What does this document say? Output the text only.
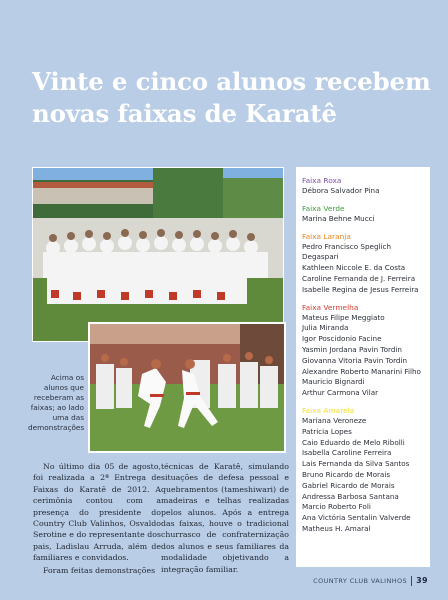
Vinte e cinco alunos recebem novas faixas de Karatê
Acima os alunos que receberam as faixas; ao lado uma das demonstrações

No último dia 05 de agosto, foi realizada a 2ª Entrega de Faixas do Karatê de 2012. A cerimônia contou com a presença do presidente do Country Club Valinhos, Osvaldo Serotine e do representante dos pais, Ladislau Arruda, além de familiares e convidados.

Foram feitas demonstrações

técnicas de Karatê, simulando situações de defesa pessoal e quebramentos (tameshiwari) de madeiras e telhas realizadas pelos alunos. Após a entrega das faixas, houve o tradicional churrasco de confraternização dos alunos e seus familiares da modalidade objetivando a integração familiar.

Faixa Roxa

Débora Salvador Pina

Faixa Verde

Marina Behne Mucci

Faixa Laranja

Pedro Francisco Speglich

Degaspari

Kathleen Niccole E. da Costa

Caroline Fernanda de J. Ferreira

Isabelle Regina de Jesus Ferreira

Faixa Vermelha

Mateus Filipe Meggiato

Julia Miranda

Igor Poscidonio Facine

Yasmin Jordana Pavin Tordin

Giovanna Vitoria Pavin Tordin

Alexandre Roberto Manarini Filho

Mauricio Bignardi

Arthur Carmona Vilar

Faixa Amarela

Mariana Veroneze

Patricia Lopes

Caio Eduardo de Melo Ribolli

Isabella Caroline Ferreira

Lais Fernanda da Silva Santos

Bruno Ricardo de Morais

Gabriel Ricardo de Morais

Andressa Barbosa Santana

Marcio Roberto Foli

Ana Victória Sentalin Valverde

Matheus H. Amaral

COUNTRY CLUB VALINHOS 39
